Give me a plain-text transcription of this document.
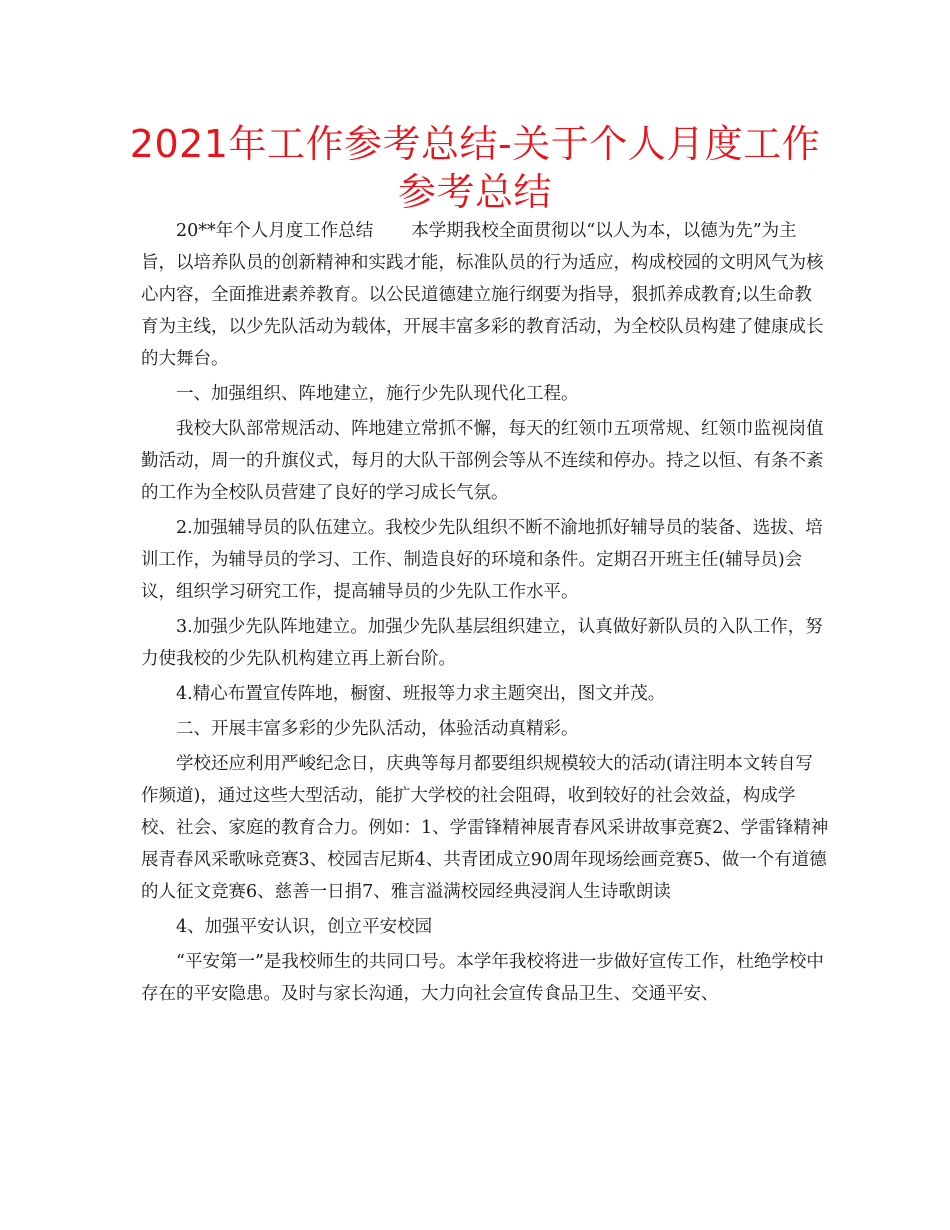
2021年工作参考总结-关于个人月度工作参考总结

20**年个人月度工作总结 本学期我校全面贯彻以“以人为本，以德为先”为主旨，以培养队员的创新精神和实践才能，标准队员的行为适应，构成校园的文明风气为核心内容，全面推进素养教育。以公民道德建立施行纲要为指导，狠抓养成教育;以生命教育为主线，以少先队活动为载体，开展丰富多彩的教育活动，为全校队员构建了健康成长的大舞台。

一、加强组织、阵地建立，施行少先队现代化工程。

我校大队部常规活动、阵地建立常抓不懈，每天的红领巾五项常规、红领巾监视岗值勤活动，周一的升旗仪式，每月的大队干部例会等从不连续和停办。持之以恒、有条不紊的工作为全校队员营建了良好的学习成长气氛。

2.加强辅导员的队伍建立。我校少先队组织不断不渝地抓好辅导员的装备、选拔、培训工作，为辅导员的学习、工作、制造良好的环境和条件。定期召开班主任(辅导员)会议，组织学习研究工作，提高辅导员的少先队工作水平。

3.加强少先队阵地建立。加强少先队基层组织建立，认真做好新队员的入队工作，努力使我校的少先队机构建立再上新台阶。

4.精心布置宣传阵地，橱窗、班报等力求主题突出，图文并茂。

二、开展丰富多彩的少先队活动，体验活动真精彩。

学校还应利用严峻纪念日，庆典等每月都要组织规模较大的活动(请注明本文转自写作频道)，通过这些大型活动，能扩大学校的社会阻碍，收到较好的社会效益，构成学校、社会、家庭的教育合力。例如：1、学雷锋精神展青春风采讲故事竞赛2、学雷锋精神展青春风采歌咏竞赛3、校园吉尼斯4、共青团成立90周年现场绘画竞赛5、做一个有道德的人征文竞赛6、慈善一日捐7、雅言溢满校园经典浸润人生诗歌朗读

4、加强平安认识，创立平安校园

“平安第一”是我校师生的共同口号。本学年我校将进一步做好宣传工作，杜绝学校中存在的平安隐患。及时与家长沟通，大力向社会宣传食品卫生、交通平安、
